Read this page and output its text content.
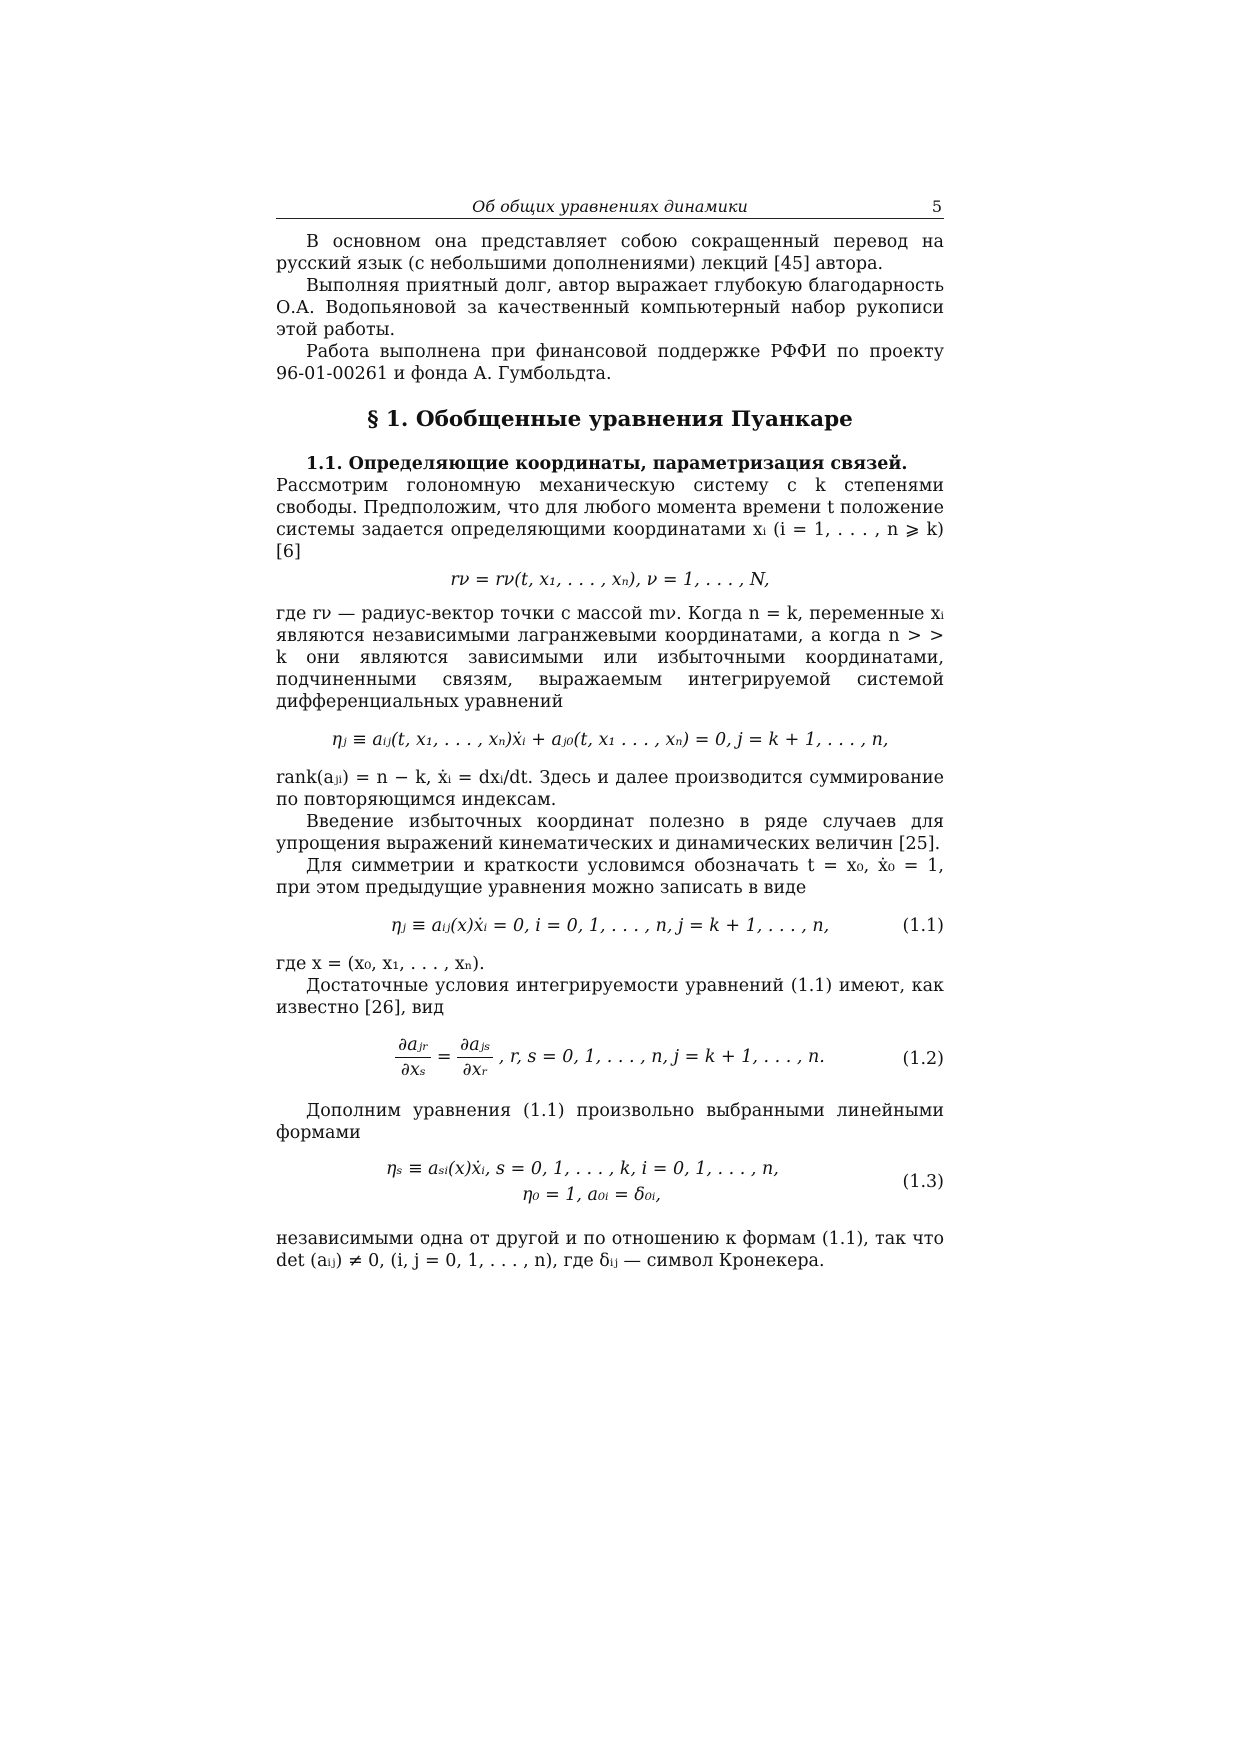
Об общих уравнениях динамики	5

В основном она представляет собою сокращенный перевод на русский язык (с небольшими дополнениями) лекций [45] автора.

Выполняя приятный долг, автор выражает глубокую благодарность О.А. Водопьяновой за качественный компьютерный набор рукописи этой работы.

Работа выполнена при финансовой поддержке РФФИ по проекту 96-01-00261 и фонда А. Гумбольдта.

§ 1. Обобщенные уравнения Пуанкаре

1.1. Определяющие координаты, параметризация связей.

Рассмотрим голономную механическую систему с k степенями свободы. Предположим, что для любого момента времени t положение системы задается определяющими координатами xᵢ (i = 1, . . . , n ⩾ k) [6]

rν = rν(t, x₁, . . . , xₙ), ν = 1, . . . , N,

где rν — радиус-вектор точки с массой mν. Когда n = k, переменные xᵢ являются независимыми лагранжевыми координатами, а когда n > > k они являются зависимыми или избыточными координатами, подчиненными связям, выражаемым интегрируемой системой дифференциальных уравнений

ηⱼ ≡ aᵢⱼ(t, x₁, . . . , xₙ)ẋᵢ + aⱼ₀(t, x₁ . . . , xₙ) = 0, j = k + 1, . . . , n,

rank(aⱼᵢ) = n − k, ẋᵢ = dxᵢ/dt. Здесь и далее производится суммирование по повторяющимся индексам.

Введение избыточных координат полезно в ряде случаев для упрощения выражений кинематических и динамических величин [25].

Для симметрии и краткости условимся обозначать t = x₀, ẋ₀ = 1, при этом предыдущие уравнения можно записать в виде

ηⱼ ≡ aᵢⱼ(x)ẋᵢ = 0, i = 0, 1, . . . , n, j = k + 1, . . . , n,	(1.1)

где x = (x₀, x₁, . . . , xₙ).

Достаточные условия интегрируемости уравнений (1.1) имеют, как известно [26], вид

$\frac{\text{∂aⱼᵣ}}{\text{∂xₛ}} = \frac{\text{∂aⱼₛ}}{\text{∂xᵣ}}$ , r, s = 0, 1, . . . , n, j = k + 1, . . . , n.	(1.2)

Дополним уравнения (1.1) произвольно выбранными линейными формами

ηₛ ≡ aₛᵢ(x)ẋᵢ, s = 0, 1, . . . , k, i = 0, 1, . . . , n,
η₀ = 1, a₀ᵢ = δ₀ᵢ,
(1.3)

независимыми одна от другой и по отношению к формам (1.1), так что det (aᵢⱼ) ≠ 0, (i, j = 0, 1, . . . , n), где δᵢⱼ — символ Кронекера.
